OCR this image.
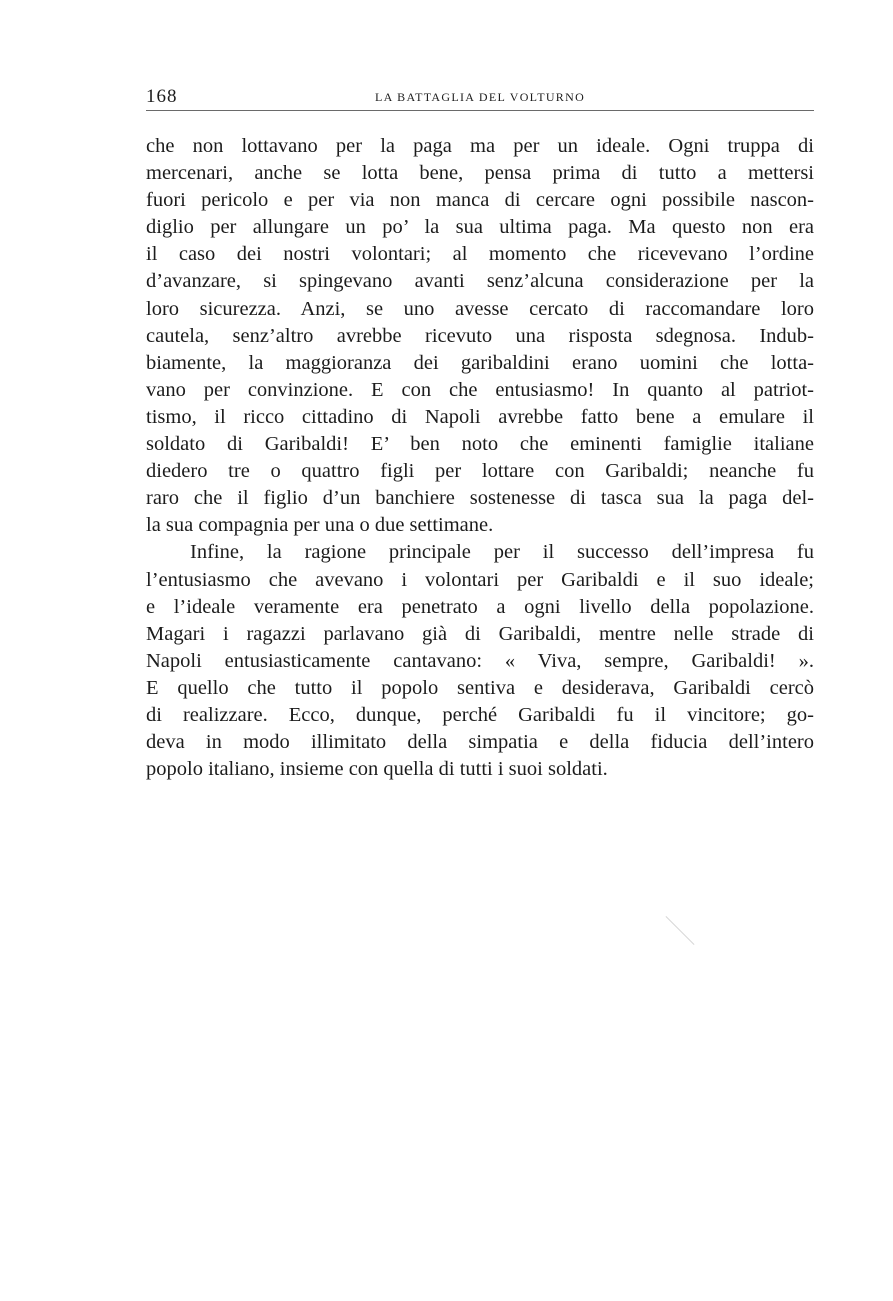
168	LA BATTAGLIA DEL VOLTURNO
che non lottavano per la paga ma per un ideale. Ogni truppa di
mercenari, anche se lotta bene, pensa prima di tutto a mettersi
fuori pericolo e per via non manca di cercare ogni possibile nascon-
diglio per allungare un po’ la sua ultima paga. Ma questo non era
il caso dei nostri volontari; al momento che ricevevano l’ordine
d’avanzare, si spingevano avanti senz’alcuna considerazione per la
loro sicurezza. Anzi, se uno avesse cercato di raccomandare loro
cautela, senz’altro avrebbe ricevuto una risposta sdegnosa. Indub-
biamente, la maggioranza dei garibaldini erano uomini che lotta-
vano per convinzione. E con che entusiasmo! In quanto al patriot-
tismo, il ricco cittadino di Napoli avrebbe fatto bene a emulare il
soldato di Garibaldi! E’ ben noto che eminenti famiglie italiane
diedero tre o quattro figli per lottare con Garibaldi; neanche fu
raro che il figlio d’un banchiere sostenesse di tasca sua la paga del-
la sua compagnia per una o due settimane.
Infine, la ragione principale per il successo dell’impresa fu
l’entusiasmo che avevano i volontari per Garibaldi e il suo ideale;
e l’ideale veramente era penetrato a ogni livello della popolazione.
Magari i ragazzi parlavano già di Garibaldi, mentre nelle strade di
Napoli entusiasticamente cantavano: « Viva, sempre, Garibaldi! ».
E quello che tutto il popolo sentiva e desiderava, Garibaldi cercò
di realizzare. Ecco, dunque, perché Garibaldi fu il vincitore; go-
deva in modo illimitato della simpatia e della fiducia dell’intero
popolo italiano, insieme con quella di tutti i suoi soldati.
